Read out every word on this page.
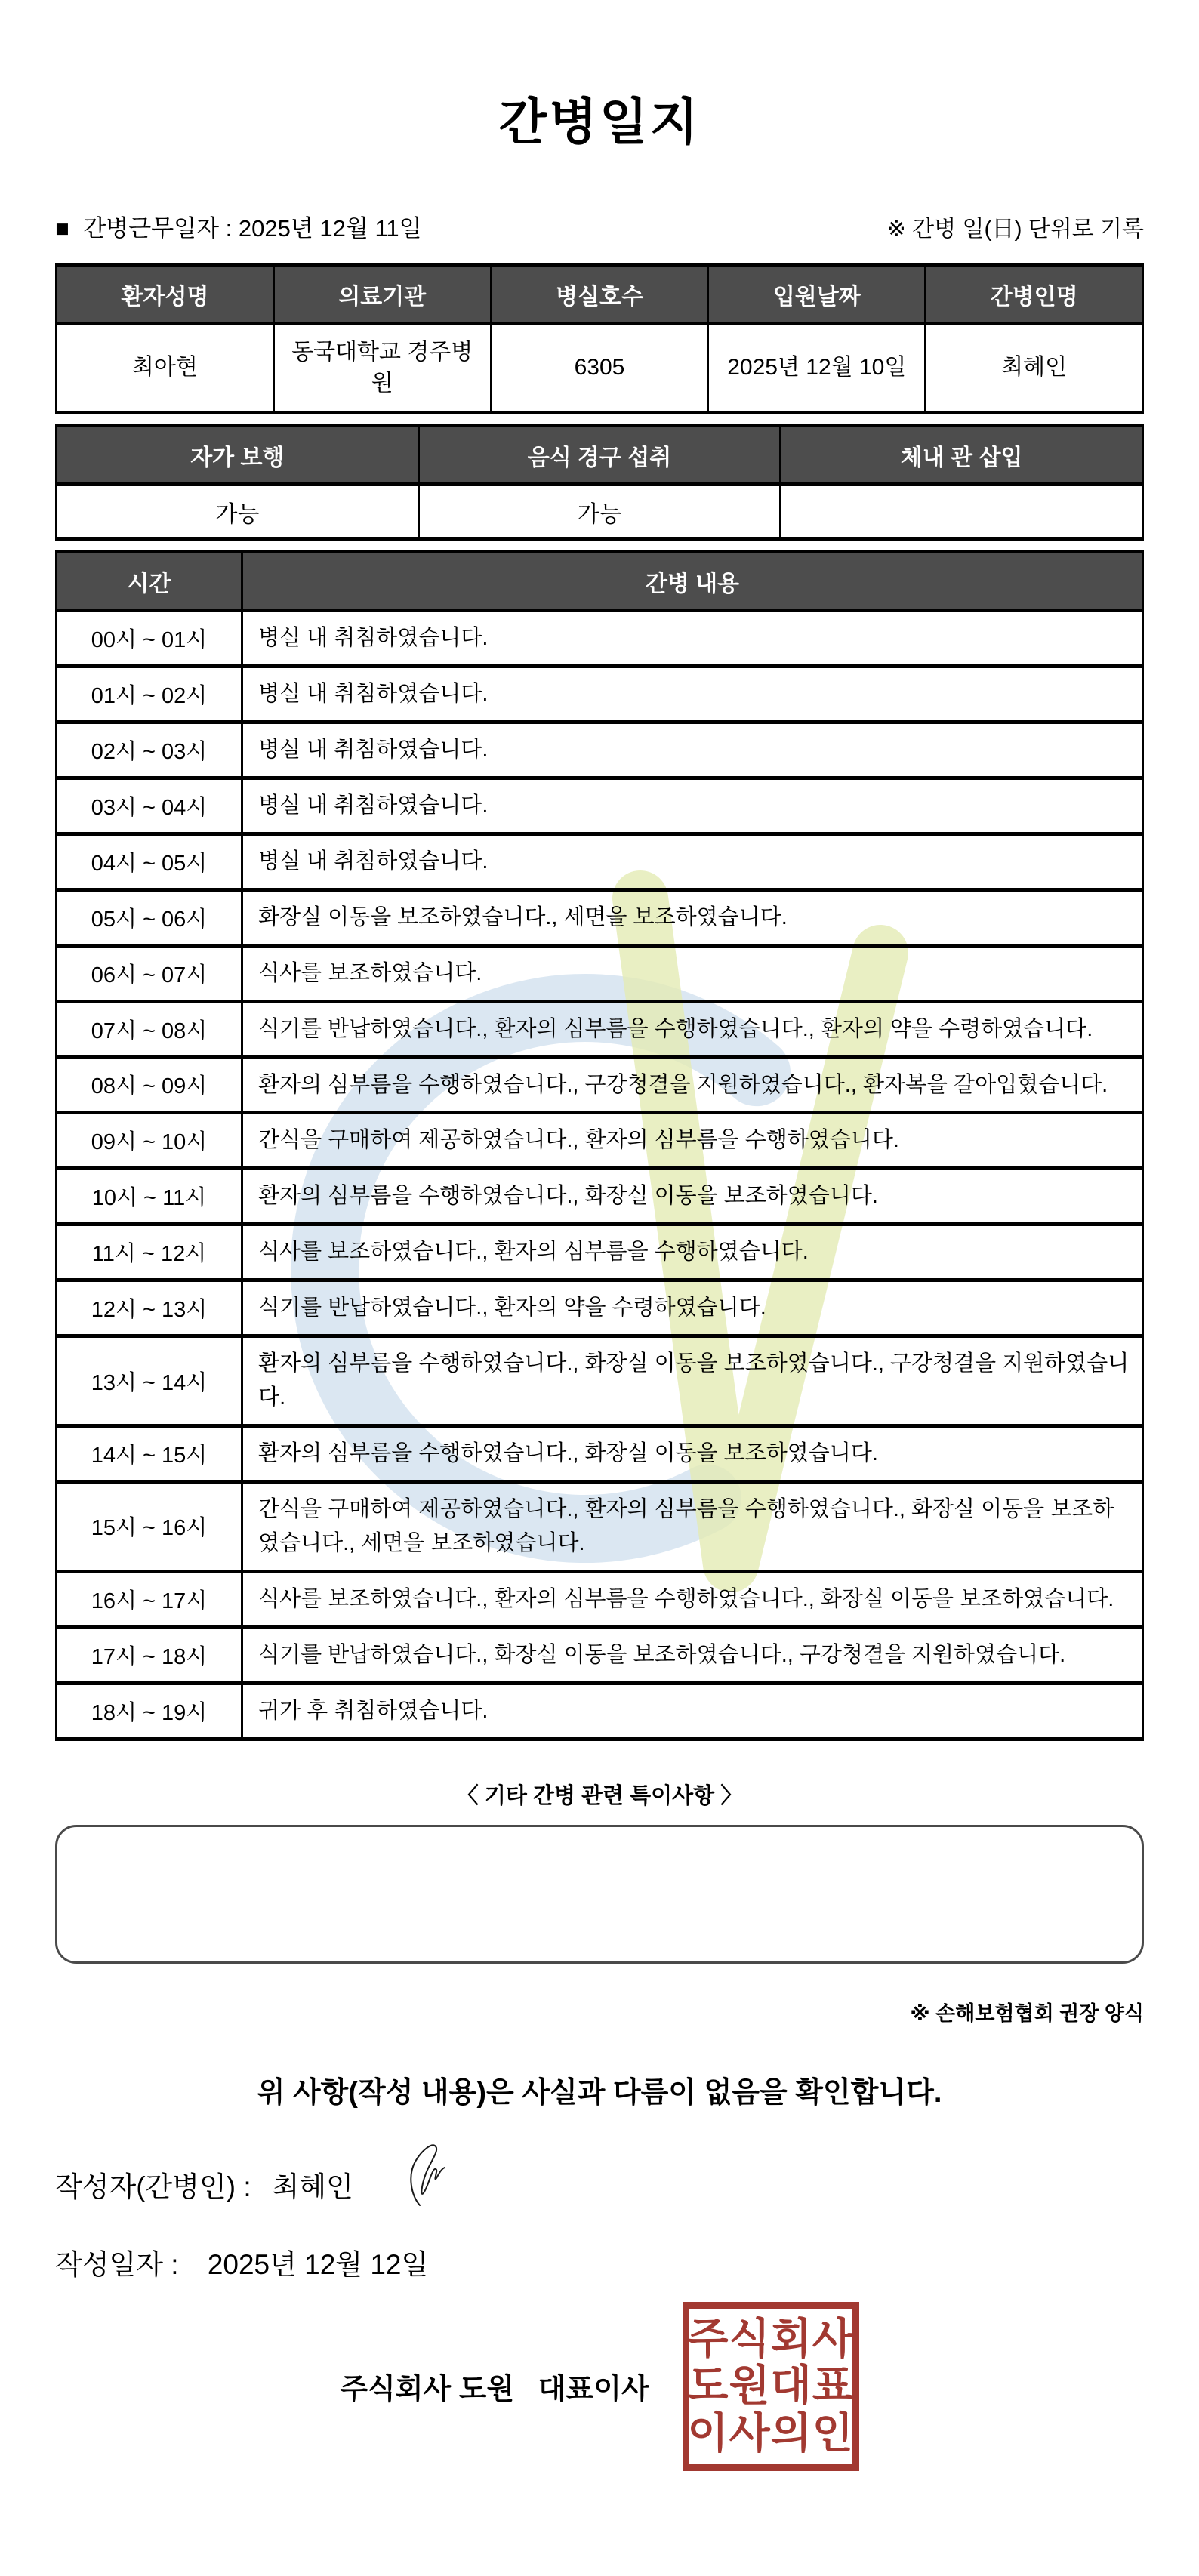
간병일지
■ 간병근무일자 : 2025년 12월 11일	※ 간병 일(日) 단위로 기록
환자성명	의료기관	병실호수	입원날짜	간병인명
최아현	동국대학교 경주병원	6305	2025년 12월 10일	최혜인
자가 보행	음식 경구 섭취	체내 관 삽입
가능	가능	
시간	간병 내용
00시 ~ 01시	병실 내 취침하였습니다.
01시 ~ 02시	병실 내 취침하였습니다.
02시 ~ 03시	병실 내 취침하였습니다.
03시 ~ 04시	병실 내 취침하였습니다.
04시 ~ 05시	병실 내 취침하였습니다.
05시 ~ 06시	화장실 이동을 보조하였습니다., 세면을 보조하였습니다.
06시 ~ 07시	식사를 보조하였습니다.
07시 ~ 08시	식기를 반납하였습니다., 환자의 심부름을 수행하였습니다., 환자의 약을 수령하였습니다.
08시 ~ 09시	환자의 심부름을 수행하였습니다., 구강청결을 지원하였습니다., 환자복을 갈아입혔습니다.
09시 ~ 10시	간식을 구매하여 제공하였습니다., 환자의 심부름을 수행하였습니다.
10시 ~ 11시	환자의 심부름을 수행하였습니다., 화장실 이동을 보조하였습니다.
11시 ~ 12시	식사를 보조하였습니다., 환자의 심부름을 수행하였습니다.
12시 ~ 13시	식기를 반납하였습니다., 환자의 약을 수령하였습니다.
13시 ~ 14시	환자의 심부름을 수행하였습니다., 화장실 이동을 보조하였습니다., 구강청결을 지원하였습니다.
14시 ~ 15시	환자의 심부름을 수행하였습니다., 화장실 이동을 보조하였습니다.
15시 ~ 16시	간식을 구매하여 제공하였습니다., 환자의 심부름을 수행하였습니다., 화장실 이동을 보조하였습니다., 세면을 보조하였습니다.
16시 ~ 17시	식사를 보조하였습니다., 환자의 심부름을 수행하였습니다., 화장실 이동을 보조하였습니다.
17시 ~ 18시	식기를 반납하였습니다., 화장실 이동을 보조하였습니다., 구강청결을 지원하였습니다.
18시 ~ 19시	귀가 후 취침하였습니다.
〈 기타 간병 관련 특이사항 〉
※ 손해보험협회 권장 양식
위 사항(작성 내용)은 사실과 다름이 없음을 확인합니다.
작성자(간병인) : 최혜인
작성일자 : 2025년 12월 12일
주식회사 도원   대표이사
주식회사
도원대표
이사의인
